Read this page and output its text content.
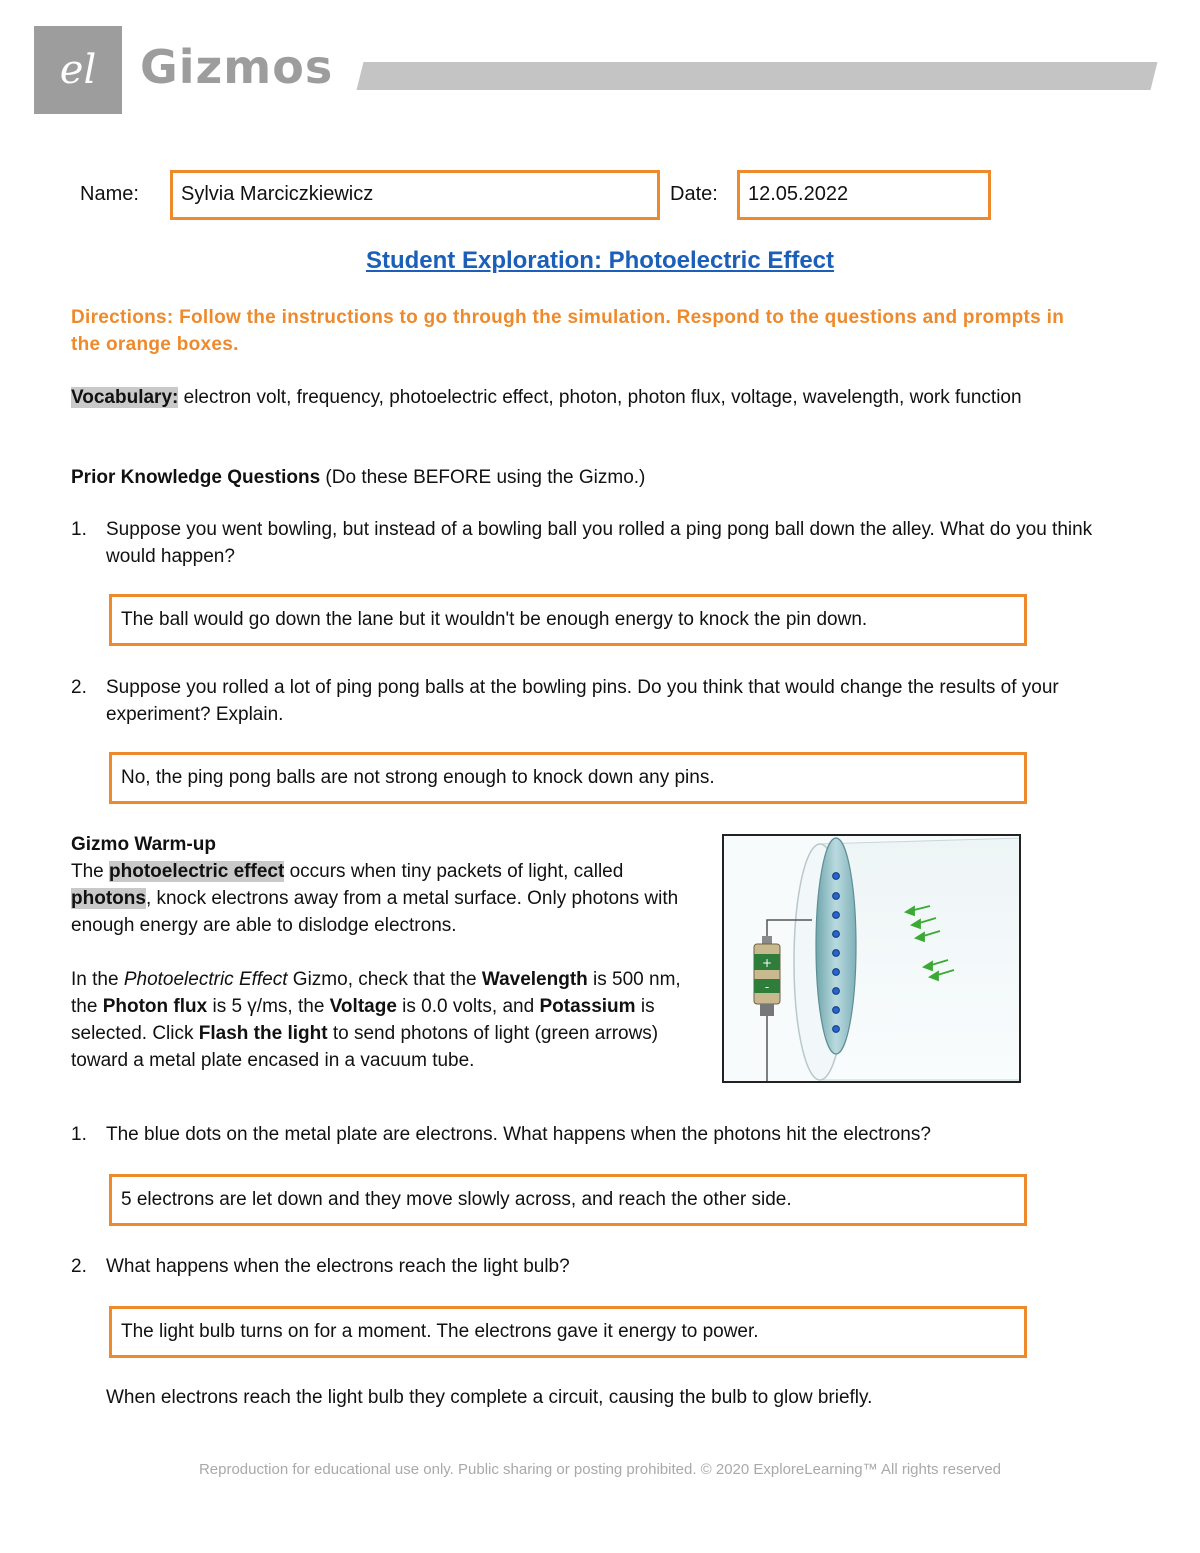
el Gizmos
Name:	Sylvia Marciczkiewicz	Date:	12.05.2022
Student Exploration: Photoelectric Effect
Directions: Follow the instructions to go through the simulation. Respond to the questions and prompts in the orange boxes.
Vocabulary: electron volt, frequency, photoelectric effect, photon, photon flux, voltage, wavelength, work function
Prior Knowledge Questions (Do these BEFORE using the Gizmo.)
1.	Suppose you went bowling, but instead of a bowling ball you rolled a ping pong ball down the alley. What do you think would happen?
The ball would go down the lane but it wouldn't be enough energy to knock the pin down.
2.	Suppose you rolled a lot of ping pong balls at the bowling pins. Do you think that would change the results of your experiment? Explain.
No, the ping pong balls are not strong enough to knock down any pins.
Gizmo Warm-up
The photoelectric effect occurs when tiny packets of light, called photons, knock electrons away from a metal surface. Only photons with enough energy are able to dislodge electrons.
In the Photoelectric Effect Gizmo, check that the Wavelength is 500 nm, the Photon flux is 5 γ/ms, the Voltage is 0.0 volts, and Potassium is selected. Click Flash the light to send photons of light (green arrows) toward a metal plate encased in a vacuum tube.
+
-
1.	The blue dots on the metal plate are electrons. What happens when the photons hit the electrons?
5 electrons are let down and they move slowly across, and reach the other side.
2.	What happens when the electrons reach the light bulb?
The light bulb turns on for a moment. The electrons gave it energy to power.
When electrons reach the light bulb they complete a circuit, causing the bulb to glow briefly.
Reproduction for educational use only. Public sharing or posting prohibited. © 2020 ExploreLearning™ All rights reserved
